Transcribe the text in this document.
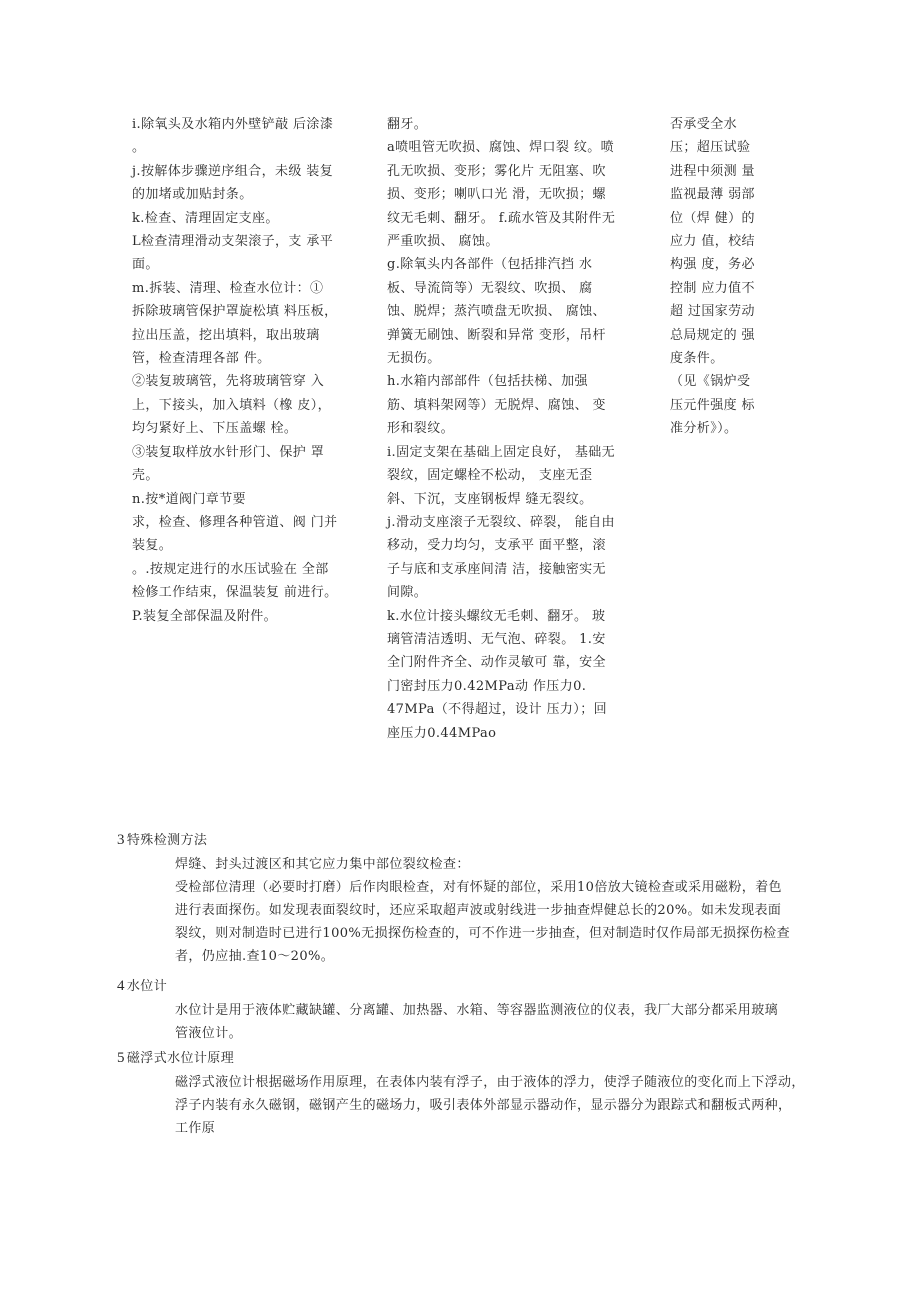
i.除氧头及水箱内外壁铲敲 后涂漆

。

j.按解体步骤逆序组合，未级 装复

的加堵或加贴封条。

k.检查、清理固定支座。

L检查清理滑动支架滚子，支 承平

面。

m.拆装、清理、检查水位计：①

拆除玻璃管保护罩旋松填 料压板，

拉出压盖，挖出填料，取出玻璃

管，检查清理各部 件。

②装复玻璃管，先将玻璃管穿 入

上，下接头，加入填料（橡 皮），

均匀紧好上、下压盖螺 栓。

③装复取样放水针形门、保护 罩

壳。

n.按*道阀门章节要

求，检查、修理各种管道、阀 门并

装复。

。.按规定进行的水压试验在 全部

检修工作结束，保温装复 前进行。

P.装复全部保温及附件。

翻牙。

a喷咀管无吹损、腐蚀、焊口裂 纹。喷

孔无吹损、变形；雾化片 无阻塞、吹

损、变形；喇叭口光 滑，无吹损；螺

纹无毛刺、翻牙。 f.疏水管及其附件无

严重吹损、 腐蚀。

g.除氧头内各部件（包括排汽挡 水

板、导流筒等）无裂纹、吹损、 腐

蚀、脱焊；蒸汽喷盘无吹损、 腐蚀、

弹簧无刷蚀、断裂和异常 变形，吊杆

无损伤。

h.水箱内部部件（包括扶梯、加强

筋、填料架网等）无脱焊、腐蚀、 变

形和裂纹。

i.固定支架在基础上固定良好， 基础无

裂纹，固定螺栓不松动， 支座无歪

斜、下沉，支座钢板焊 缝无裂纹。

j.滑动支座滚子无裂纹、碎裂， 能自由

移动，受力均匀，支承平 面平整，滚

子与底和支承座间清 洁，接触密实无

间隙。

k.水位计接头螺纹无毛刺、翻牙。 玻

璃管清洁透明、无气泡、碎裂。 1.安

全门附件齐全、动作灵敏可 靠，安全

门密封压力0.42MPa动 作压力0.

47MPa（不得超过，设计 压力）；回

座压力0.44MPao

否承受全水

压；超压试验

进程中须测 量

监视最薄 弱部

位（焊 健）的

应力 值，校结

构强 度，务必

控制 应力值不

超 过国家劳动

总局规定的 强

度条件。

（见《锅炉受

压元件强度 标

准分析》）。

3 特殊检测方法

焊缝、封头过渡区和其它应力集中部位裂纹检查：

受检部位清理（必要时打磨）后作肉眼检查，对有怀疑的部位，采用10倍放大镜检查或采用磁粉，着色

进行表面探伤。如发现表面裂纹时，还应采取超声波或射线进一步抽查焊健总长的20%。如未发现表面

裂纹，则对制造时已进行100%无损探伤检查的，可不作进一步抽查，但对制造时仅作局部无损探伤检查

者，仍应抽.查10～20%。

4 水位计

水位计是用于液体贮藏缺罐、分离罐、加热器、水箱、等容器监测液位的仪表，我厂大部分都采用玻璃

管液位计。

5 磁浮式水位计原理

磁浮式液位计根据磁场作用原理，在表体内装有浮子，由于液体的浮力，使浮子随液位的变化而上下浮动，

浮子内装有永久磁钢，磁钢产生的磁场力，吸引表体外部显示器动作，显示器分为跟踪式和翻板式两种，

工作原
